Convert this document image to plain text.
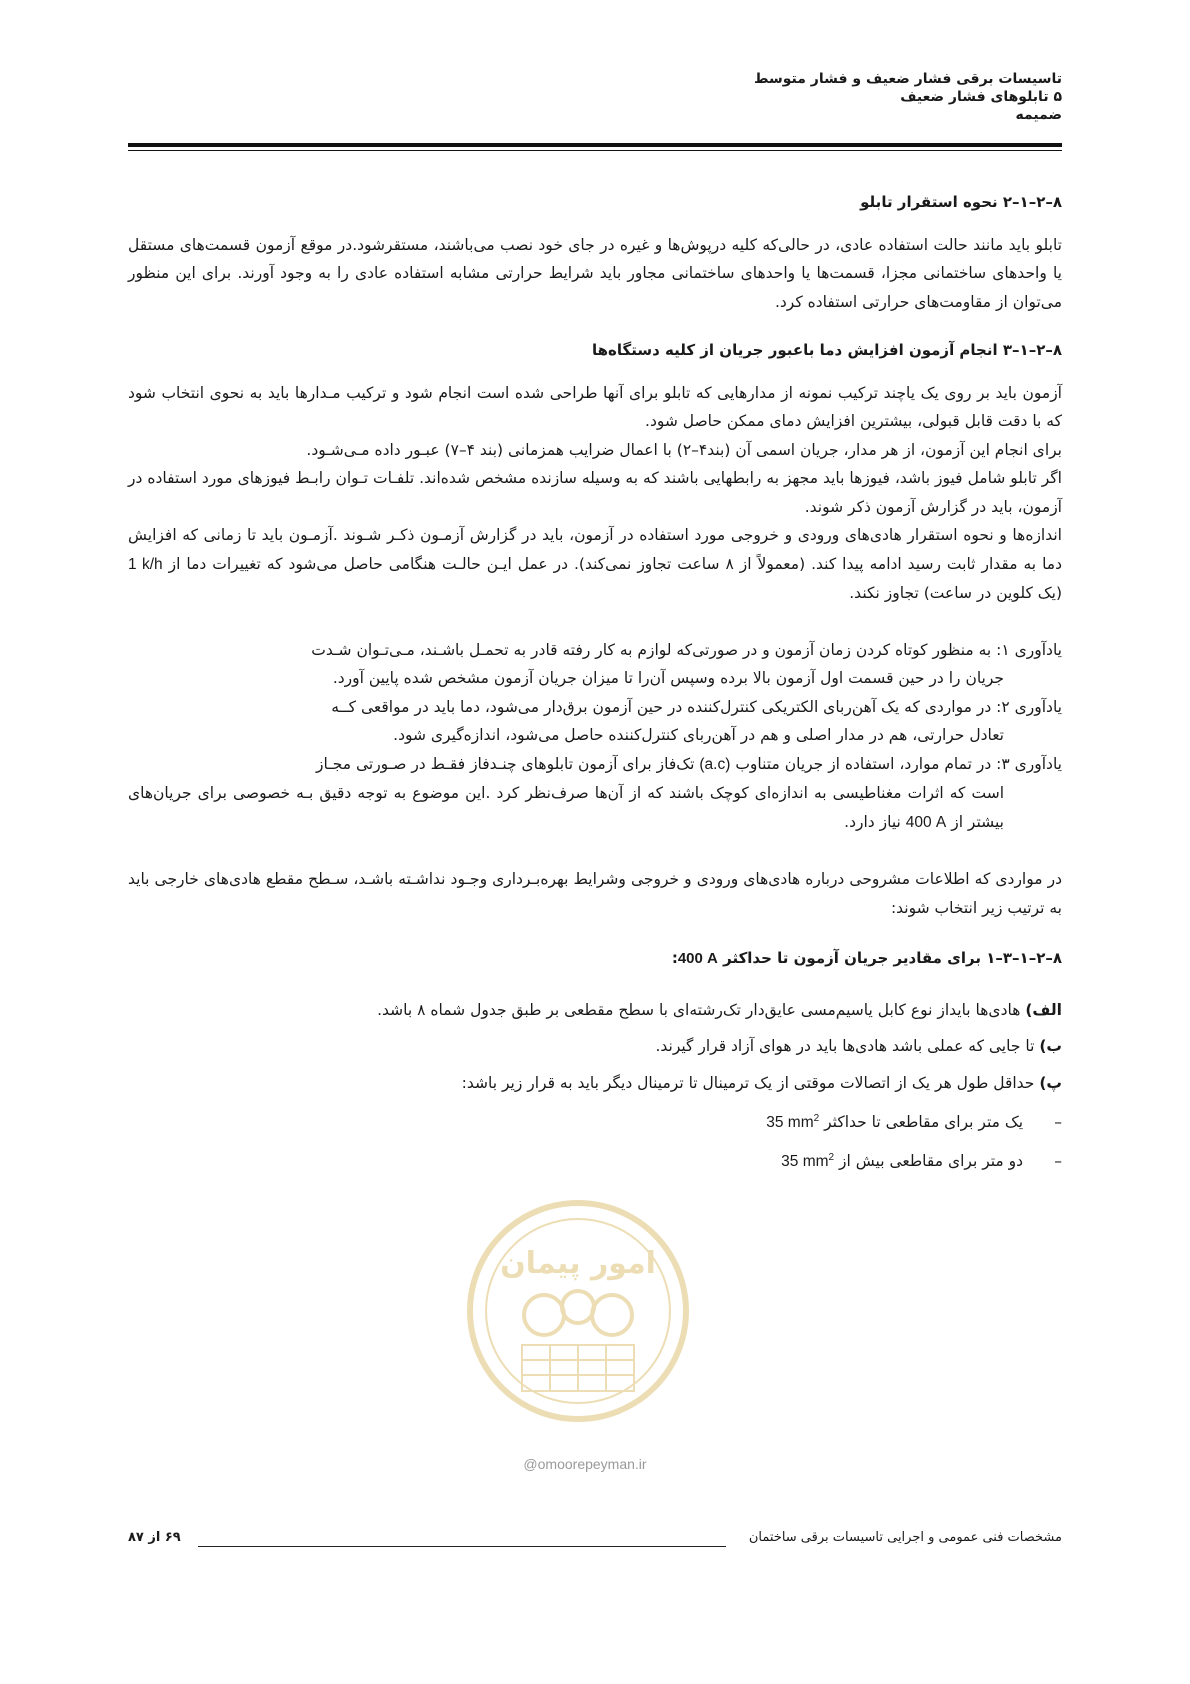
تاسیسات برقی فشار ضعیف و فشار متوسط
۵ تابلوهای فشار ضعیف
ضمیمه
۸–۲–۱–۲ نحوه استقرار تابلو

تابلو باید مانند حالت استفاده عادی، در حالی‌که کلیه درپوش‌ها و غیره در جای خود نصب می‌باشند، مستقرشود.در موقع آزمون قسمت‌های مستقل یا واحدهای ساختمانی مجزا، قسمت‌ها یا واحدهای ساختمانی مجاور باید شرایط حرارتی مشابه استفاده عادی را به وجود آورند. برای این منظور می‌توان از مقاومت‌های حرارتی استفاده کرد.

۸–۲–۱–۳ انجام آزمون افزایش دما باعبور جریان از کلیه دستگاه‌ها

آزمون باید بر روی یک یاچند ترکیب نمونه از مدارهایی که تابلو برای آنها طراحی شده است انجام شود و ترکیب مـدارها باید به نحوی انتخاب شود که با دقت قابل قبولی، بیشترین افزایش دمای ممکن حاصل شود.

برای انجام این آزمون، از هر مدار، جریان اسمی آن (بند۴–۲) با اعمال ضرایب همزمانی (بند ۴–۷) عبـور داده مـی‌شـود.

اگر تابلو شامل فیوز باشد، فیوزها باید مجهز به رابطهایی باشند که به وسیله سازنده مشخص شده‌اند. تلفـات تـوان رابـط فیوزهای مورد استفاده در آزمون، باید در گزارش آزمون ذکر شوند.

اندازه‌ها و نحوه استقرار هادی‌های ورودی و خروجی مورد استفاده در آزمون، باید در گزارش آزمـون ذکـر شـوند .آزمـون باید تا زمانی که افزایش دما به مقدار ثابت رسید ادامه پیدا کند. (معمولاً از ۸ ساعت تجاوز نمی‌کند). در عمل ایـن حالـت هنگامی حاصل می‌شود که تغییرات دما از 1 k/h (یک کلوین در ساعت) تجاوز نکند.

یادآوری ۱: به منظور کوتاه کردن زمان آزمون و در صورتی‌که لوازم به کار رفته قادر به تحمـل باشـند، مـی‌تـوان شـدت
جریان را در حین قسمت اول آزمون بالا برده وسپس آن‌را تا میزان جریان آزمون مشخص شده پایین آورد.
یادآوری ۲: در مواردی که یک آهن‌ربای الکتریکی کنترل‌کننده در حین آزمون برق‌دار می‌شود، دما باید در مواقعی کــه
تعادل حرارتی، هم در مدار اصلی و هم در آهن‌ربای کنترل‌کننده حاصل می‌شود، اندازه‌گیری شود.
یادآوری ۳: در تمام موارد، استفاده از جریان متناوب (a.c) تک‌فاز برای آزمون تابلوهای چنـدفاز فقـط در صـورتی مجـاز
است که اثرات مغناطیسی به اندازه‌ای کوچک باشند که از آن‌ها صرف‌نظر کرد .این موضوع به توجه دقیق بـه خصوصی برای جریان‌های بیشتر از 400 A نیاز دارد.

در مواردی که اطلاعات مشروحی درباره هادی‌های ورودی و خروجی وشرایط بهره‌بـرداری وجـود نداشـته باشـد، سـطح مقطع هادی‌های خارجی باید به ترتیب زیر انتخاب شوند:

۸–۲–۱–۳–۱ برای مقادیر جریان آزمون تا حداکثر 400 A:
الف) هادی‌ها بایداز نوع کابل یاسیم‌مسی عایق‌دار تک‌رشته‌ای با سطح مقطعی بر طبق جدول شماه ۸ باشد.
ب) تا جایی که عملی باشد هادی‌ها باید در هوای آزاد قرار گیرند.
پ) حداقل طول هر یک از اتصالات موقتی از یک ترمینال تا ترمینال دیگر باید به قرار زیر باشد:
– یک متر برای مقاطعی تا حداکثر 35 $mm^2$
– دو متر برای مقاطعی بیش از 35 $mm^2$
امور پیمان
@omoorepeyman.ir
مشخصات فنی عمومی و اجرایی تاسیسات برقی ساختمان
۶۹ از ۸۷
